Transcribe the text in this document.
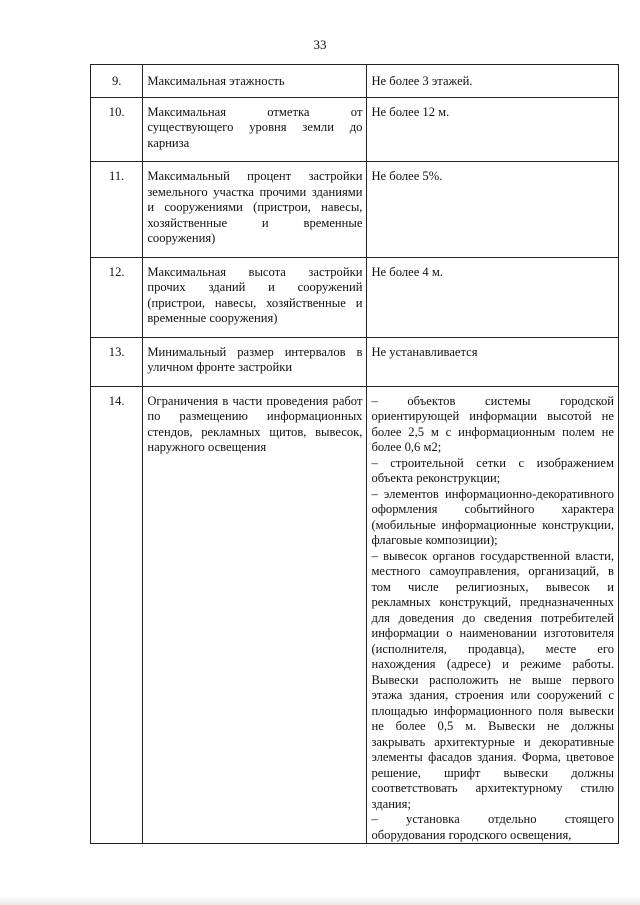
33
9.	Максимальная этажность	Не более 3 этажей.
10.	Максимальная отметка от существующего уровня земли до карниза	Не более 12 м.
11.	Максимальный процент застройки земельного участка прочими зданиями и сооружениями (пристрои, навесы, хозяйственные и временные сооружения)	Не более 5%.
12.	Максимальная высота застройки прочих зданий и сооружений (пристрои, навесы, хозяйственные и временные сооружения)	Не более 4 м.
13.	Минимальный размер интервалов в уличном фронте застройки	Не устанавливается
14.	Ограничения в части проведения работ по размещению информационных стендов, рекламных щитов, вывесок, наружного освещения	– объектов системы городской ориентирующей информации высотой не более 2,5 м с информационным полем не более 0,6 м2;
– строительной сетки с изображением объекта реконструкции;
– элементов информационно-декоративного оформления событийного характера (мобильные информационные конструкции, флаговые композиции);
– вывесок органов государственной власти, местного самоуправления, организаций, в том числе религиозных, вывесок и рекламных конструкций, предназначенных для доведения до сведения потребителей информации о наименовании изготовителя (исполнителя, продавца), месте его нахождения (адресе) и режиме работы. Вывески расположить не выше первого этажа здания, строения или сооружений с площадью информационного поля вывески не более 0,5 м. Вывески не должны закрывать архитектурные и декоративные элементы фасадов здания. Форма, цветовое решение, шрифт вывески должны соответствовать архитектурному стилю здания;
– установка отдельно стоящего оборудования городского освещения,
